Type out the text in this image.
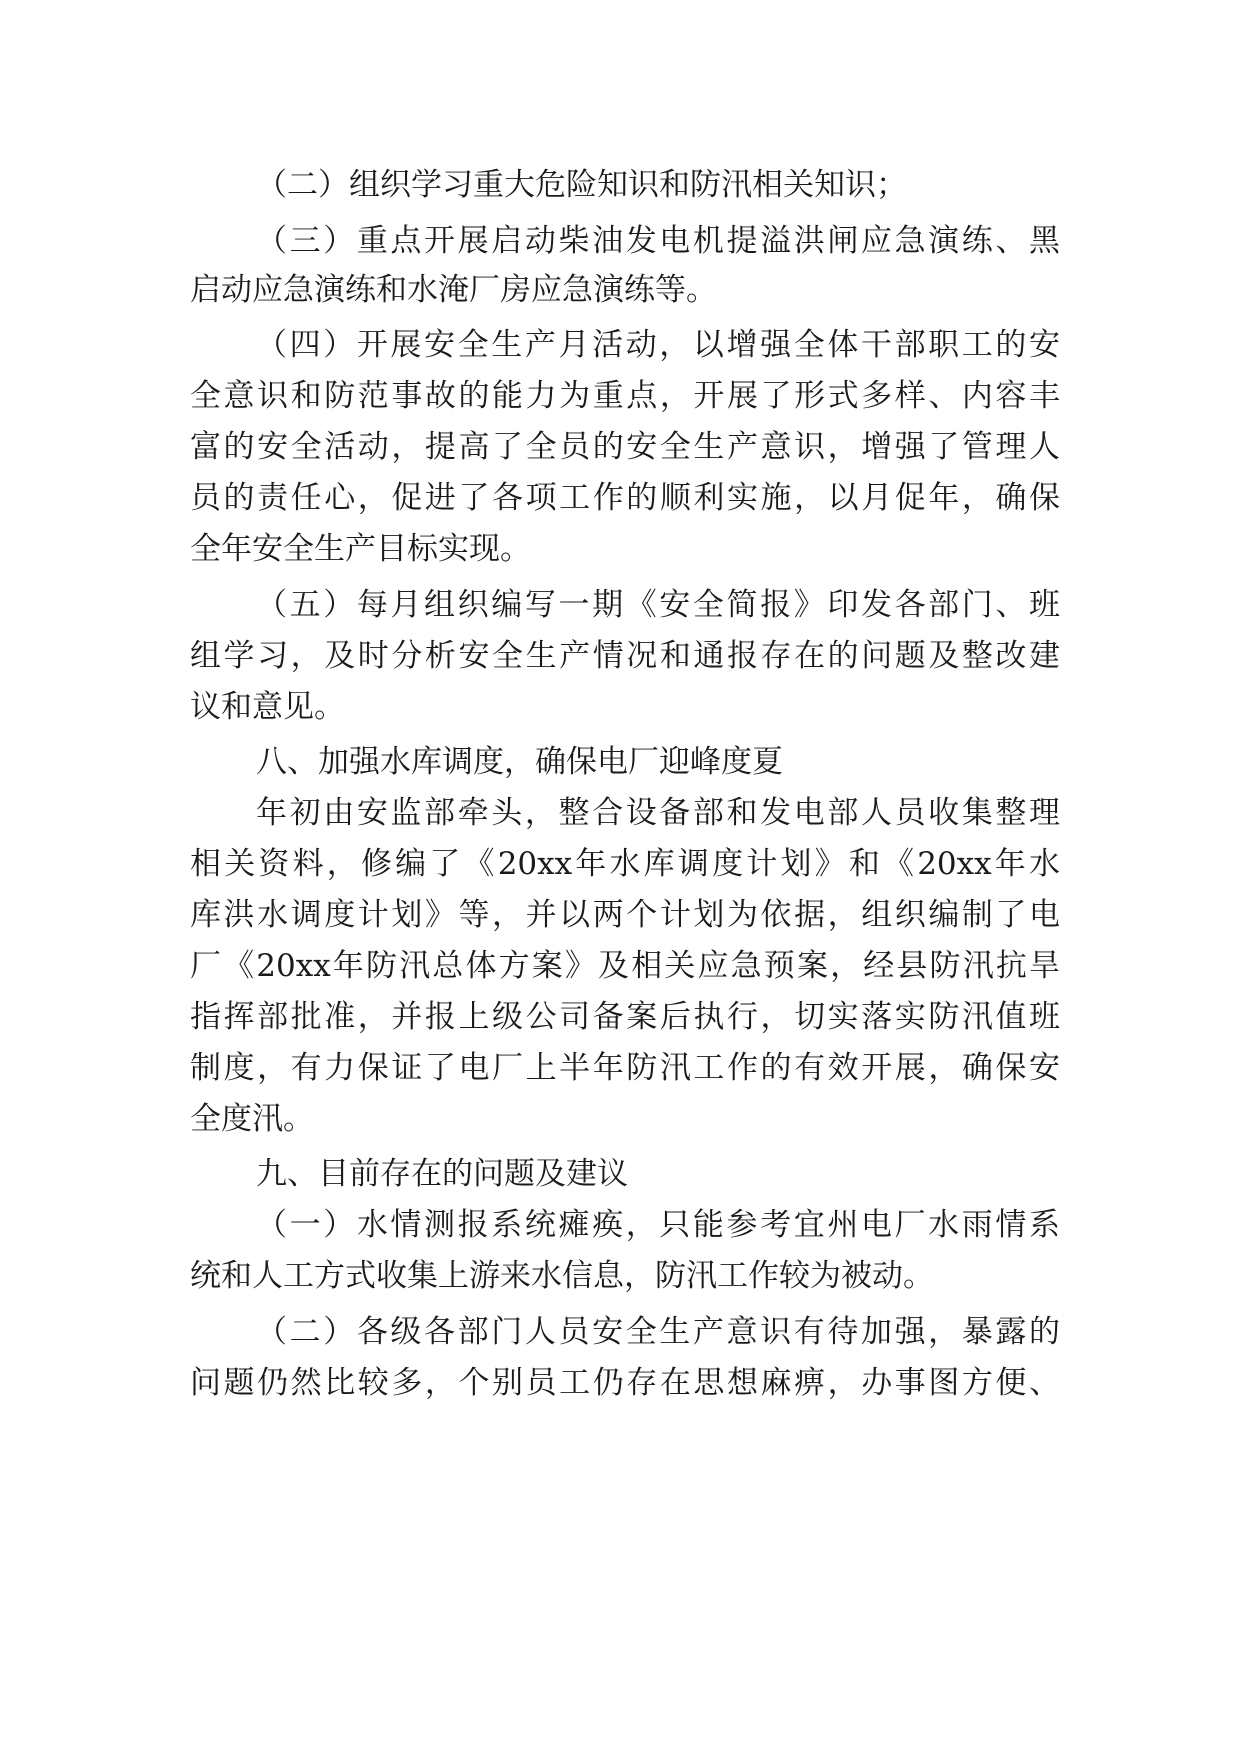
（二）组织学习重大危险知识和防汛相关知识；
（三）重点开展启动柴油发电机提溢洪闸应急演练、黑
启动应急演练和水淹厂房应急演练等。
（四）开展安全生产月活动，以增强全体干部职工的安
全意识和防范事故的能力为重点，开展了形式多样、内容丰
富的安全活动，提高了全员的安全生产意识，增强了管理人
员的责任心，促进了各项工作的顺利实施，以月促年，确保
全年安全生产目标实现。
（五）每月组织编写一期《安全简报》印发各部门、班
组学习，及时分析安全生产情况和通报存在的问题及整改建
议和意见。
八、加强水库调度，确保电厂迎峰度夏
年初由安监部牵头，整合设备部和发电部人员收集整理
相关资料，修编了《20xx年水库调度计划》和《20xx年水
库洪水调度计划》等，并以两个计划为依据，组织编制了电
厂《20xx年防汛总体方案》及相关应急预案，经县防汛抗旱
指挥部批准，并报上级公司备案后执行，切实落实防汛值班
制度，有力保证了电厂上半年防汛工作的有效开展，确保安
全度汛。
九、目前存在的问题及建议
（一）水情测报系统瘫痪，只能参考宜州电厂水雨情系
统和人工方式收集上游来水信息，防汛工作较为被动。
（二）各级各部门人员安全生产意识有待加强，暴露的
问题仍然比较多，个别员工仍存在思想麻痹，办事图方便、
